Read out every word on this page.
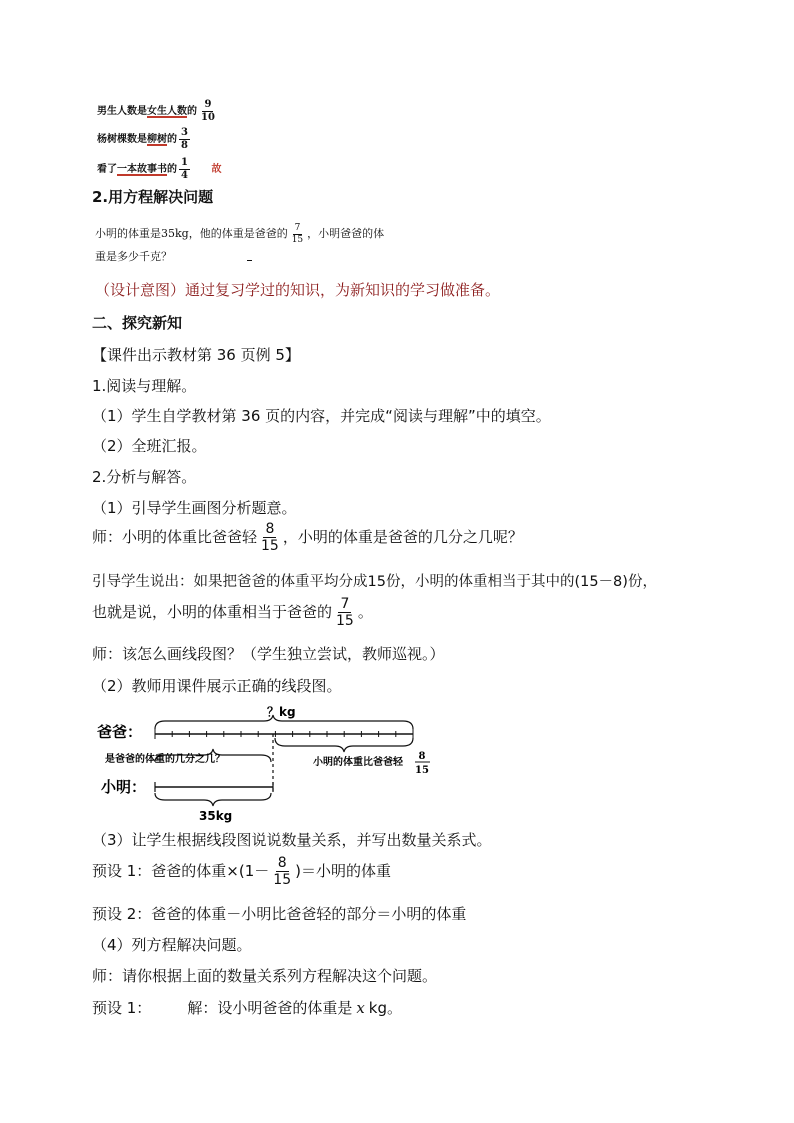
男生人数是女生人数的 $\frac{9}{10}$
杨树棵数是柳树的 $\frac{3}{8}$
看了一本故事书的 $\frac{1}{4}$ 故
2.用方程解决问题
小明的体重是35kg，他的体重是爸爸的 $\frac{7}{15}$ ，小明爸爸的体
重是多少千克？
（设计意图）通过复习学过的知识，为新知识的学习做准备。
二、探究新知
【课件出示教材第 36 页例 5】
1.阅读与理解。
（1）学生自学教材第 36 页的内容，并完成“阅读与理解”中的填空。
（2）全班汇报。
2.分析与解答。
（1）引导学生画图分析题意。
师：小明的体重比爸爸轻 $\frac{8}{15}$ ，小明的体重是爸爸的几分之几呢？
引导学生说出：如果把爸爸的体重平均分成15份，小明的体重相当于其中的(15－8)份，
也就是说，小明的体重相当于爸爸的 $\frac{7}{15}$ 。
师：该怎么画线段图？（学生独立尝试，教师巡视。）
（2）教师用课件展示正确的线段图。
爸爸：
？kg
是爸爸的体重的几分之几？	小明的体重比爸爸轻
8
15
小明：
35kg
（3）让学生根据线段图说说数量关系，并写出数量关系式。
预设 1：爸爸的体重$\times(1- \frac{8}{15}$ )＝小明的体重
预设 2：爸爸的体重－小明比爸爸轻的部分＝小明的体重
（4）列方程解决问题。
师：请你根据上面的数量关系列方程解决这个问题。
预设 1： 解：设小明爸爸的体重是 x kg。
